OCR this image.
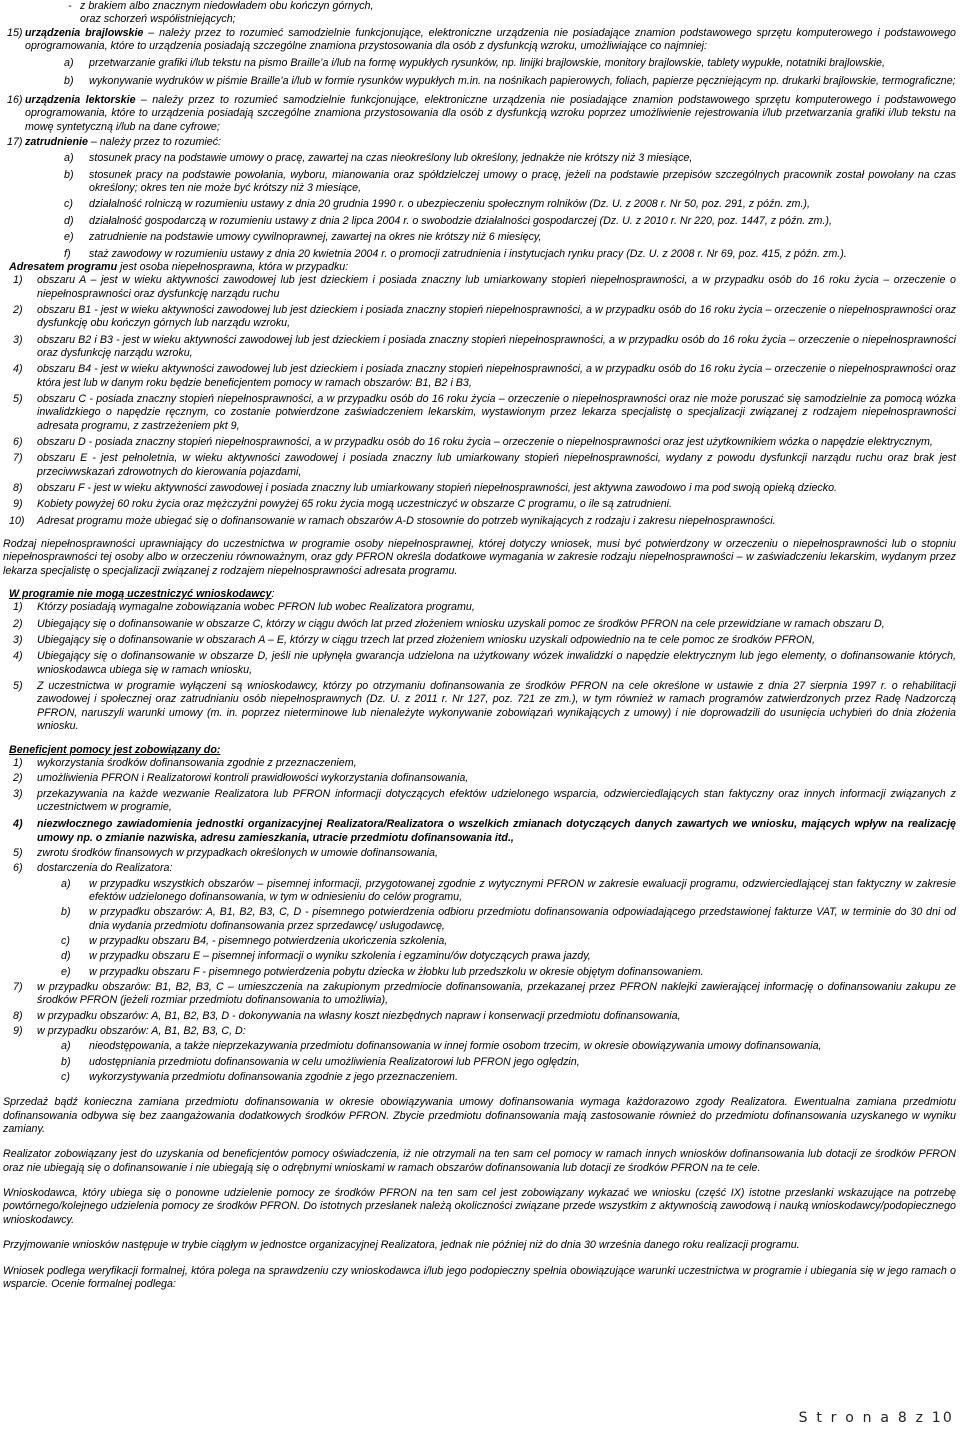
- z brakiem albo znacznym niedowładem obu kończyn górnych,
oraz schorzeń współistniejących;
15) urządzenia brajlowskie – należy przez to rozumieć samodzielnie funkcjonujące, elektroniczne urządzenia nie posiadające znamion podstawowego sprzętu komputerowego i podstawowego oprogramowania, które to urządzenia posiadają szczególne znamiona przystosowania dla osób z dysfunkcją wzroku, umożliwiające co najmniej:
a) przetwarzanie grafiki i/lub tekstu na pismo Braille’a i/lub na formę wypukłych rysunków, np. linijki brajlowskie, monitory brajlowskie, tablety wypukłe, notatniki brajlowskie,
b) wykonywanie wydruków w piśmie Braille’a i/lub w formie rysunków wypukłych m.in. na nośnikach papierowych, foliach, papierze pęczniejącym np. drukarki brajlowskie, termograficzne;
16) urządzenia lektorskie – należy przez to rozumieć samodzielnie funkcjonujące, elektroniczne urządzenia nie posiadające znamion podstawowego sprzętu komputerowego i podstawowego oprogramowania, które to urządzenia posiadają szczególne znamiona przystosowania dla osób z dysfunkcją wzroku poprzez umożliwienie rejestrowania i/lub przetwarzania grafiki i/lub tekstu na mowę syntetyczną i/lub na dane cyfrowe;
17) zatrudnienie – należy przez to rozumieć:
a) stosunek pracy na podstawie umowy o pracę, zawartej na czas nieokreślony lub określony, jednakże nie krótszy niż 3 miesiące,
b) stosunek pracy na podstawie powołania, wyboru, mianowania oraz spółdzielczej umowy o pracę, jeżeli na podstawie przepisów szczególnych pracownik został powołany na czas określony; okres ten nie może być krótszy niż 3 miesiące,
c) działalność rolniczą w rozumieniu ustawy z dnia 20 grudnia 1990 r. o ubezpieczeniu społecznym rolników (Dz. U. z 2008 r. Nr 50, poz. 291, z późn. zm.),
d) działalność gospodarczą w rozumieniu ustawy z dnia 2 lipca 2004 r. o swobodzie działalności gospodarczej (Dz. U. z 2010 r. Nr 220, poz. 1447, z późn. zm.),
e) zatrudnienie na podstawie umowy cywilnoprawnej, zawartej na okres nie krótszy niż 6 miesięcy,
f) staż zawodowy w rozumieniu ustawy z dnia 20 kwietnia 2004 r. o promocji zatrudnienia i instytucjach rynku pracy (Dz. U. z 2008 r. Nr 69, poz. 415, z późn. zm.).
Adresatem programu jest osoba niepełnosprawna, która w przypadku:
1) obszaru A – jest w wieku aktywności zawodowej lub jest dzieckiem i posiada znaczny lub umiarkowany stopień niepełnosprawności, a w przypadku osób do 16 roku życia – orzeczenie o niepełnosprawności oraz dysfunkcję narządu ruchu
2) obszaru B1 - jest w wieku aktywności zawodowej lub jest dzieckiem i posiada znaczny stopień niepełnosprawności, a w przypadku osób do 16 roku życia – orzeczenie o niepełnosprawności oraz dysfunkcję obu kończyn górnych lub narządu wzroku,
3) obszaru B2 i B3 - jest w wieku aktywności zawodowej lub jest dzieckiem i posiada znaczny stopień niepełnosprawności, a w przypadku osób do 16 roku życia – orzeczenie o niepełnosprawności oraz dysfunkcję narządu wzroku,
4) obszaru B4 - jest w wieku aktywności zawodowej lub jest dzieckiem i posiada znaczny stopień niepełnosprawności, a w przypadku osób do 16 roku życia – orzeczenie o niepełnosprawności oraz która jest lub w danym roku będzie beneficjentem pomocy w ramach obszarów: B1, B2 i B3,
5) obszaru C - posiada znaczny stopień niepełnosprawności, a w przypadku osób do 16 roku życia – orzeczenie o niepełnosprawności oraz nie może poruszać się samodzielnie za pomocą wózka inwalidzkiego o napędzie ręcznym, co zostanie potwierdzone zaświadczeniem lekarskim, wystawionym przez lekarza specjalistę o specjalizacji związanej z rodzajem niepełnosprawności adresata programu, z zastrzeżeniem pkt 9,
6) obszaru D - posiada znaczny stopień niepełnosprawności, a w przypadku osób do 16 roku życia – orzeczenie o niepełnosprawności oraz jest użytkownikiem wózka o napędzie elektrycznym,
7) obszaru E - jest pełnoletnia, w wieku aktywności zawodowej i posiada znaczny lub umiarkowany stopień niepełnosprawności, wydany z powodu dysfunkcji narządu ruchu oraz brak jest przeciwwskazań zdrowotnych do kierowania pojazdami,
8) obszaru F - jest w wieku aktywności zawodowej i posiada znaczny lub umiarkowany stopień niepełnosprawności, jest aktywna zawodowo i ma pod swoją opieką dziecko.
9) Kobiety powyżej 60 roku życia oraz mężczyźni powyżej 65 roku życia mogą uczestniczyć w obszarze C programu, o ile są zatrudnieni.
10) Adresat programu może ubiegać się o dofinansowanie w ramach obszarów A-D stosownie do potrzeb wynikających z rodzaju i zakresu niepełnosprawności.
Rodzaj niepełnosprawności uprawniający do uczestnictwa w programie osoby niepełnosprawnej, której dotyczy wniosek, musi być potwierdzony w orzeczeniu o niepełnosprawności lub o stopniu niepełnosprawności tej osoby albo w orzeczeniu równoważnym, oraz gdy PFRON określa dodatkowe wymagania w zakresie rodzaju niepełnosprawności – w zaświadczeniu lekarskim, wydanym przez lekarza specjalistę o specjalizacji związanej z rodzajem niepełnosprawności adresata programu.
W programie nie mogą uczestniczyć wnioskodawcy:
1) Którzy posiadają wymagalne zobowiązania wobec PFRON lub wobec Realizatora programu,
2) Ubiegający się o dofinansowanie w obszarze C, którzy w ciągu dwóch lat przed złożeniem wniosku uzyskali pomoc ze środków PFRON na cele przewidziane w ramach obszaru D,
3) Ubiegający się o dofinansowanie w obszarach A – E, którzy w ciągu trzech lat przed złożeniem wniosku uzyskali odpowiednio na te cele pomoc ze środków PFRON,
4) Ubiegający się o dofinansowanie w obszarze D, jeśli nie upłynęła gwarancja udzielona na użytkowany wózek inwalidzki o napędzie elektrycznym lub jego elementy, o dofinansowanie których, wnioskodawca ubiega się w ramach wniosku,
5) Z uczestnictwa w programie wyłączeni są wnioskodawcy, którzy po otrzymaniu dofinansowania ze środków PFRON na cele określone w ustawie z dnia 27 sierpnia 1997 r. o rehabilitacji zawodowej i społecznej oraz zatrudnianiu osób niepełnosprawnych (Dz. U. z 2011 r. Nr 127, poz. 721 ze zm.), w tym również w ramach programów zatwierdzonych przez Radę Nadzorczą PFRON, naruszyli warunki umowy (m. in. poprzez nieterminowe lub nienależyte wykonywanie zobowiązań wynikających z umowy) i nie doprowadzili do usunięcia uchybień do dnia złożenia wniosku.
Beneficjent pomocy jest zobowiązany do:
1) wykorzystania środków dofinansowania zgodnie z przeznaczeniem,
2) umożliwienia PFRON i Realizatorowi kontroli prawidłowości wykorzystania dofinansowania,
3) przekazywania na każde wezwanie Realizatora lub PFRON informacji dotyczących efektów udzielonego wsparcia, odzwierciedlających stan faktyczny oraz innych informacji związanych z uczestnictwem w programie,
4) niezwłocznego zawiadomienia jednostki organizacyjnej Realizatora/Realizatora o wszelkich zmianach dotyczących danych zawartych we wniosku, mających wpływ na realizację umowy np. o zmianie nazwiska, adresu zamieszkania, utracie przedmiotu dofinansowania itd.,
5) zwrotu środków finansowych w przypadkach określonych w umowie dofinansowania,
6) dostarczenia do Realizatora:
a) w przypadku wszystkich obszarów – pisemnej informacji, przygotowanej zgodnie z wytycznymi PFRON w zakresie ewaluacji programu, odzwierciedlającej stan faktyczny w zakresie efektów udzielonego dofinansowania, w tym w odniesieniu do celów programu,
b) w przypadku obszarów: A, B1, B2, B3, C, D - pisemnego potwierdzenia odbioru przedmiotu dofinansowania odpowiadającego przedstawionej fakturze VAT, w terminie do 30 dni od dnia wydania przedmiotu dofinansowania przez sprzedawcę/ usługodawcę,
c) w przypadku obszaru B4, - pisemnego potwierdzenia ukończenia szkolenia,
d) w przypadku obszaru E – pisemnej informacji o wyniku szkolenia i egzaminu/ów dotyczących prawa jazdy,
e) w przypadku obszaru F - pisemnego potwierdzenia pobytu dziecka w żłobku lub przedszkolu w okresie objętym dofinansowaniem.
7) w przypadku obszarów: B1, B2, B3, C – umieszczenia na zakupionym przedmiocie dofinansowania, przekazanej przez PFRON naklejki zawierającej informację o dofinansowaniu zakupu ze środków PFRON (jeżeli rozmiar przedmiotu dofinansowania to umożliwia),
8) w przypadku obszarów: A, B1, B2, B3, D - dokonywania na własny koszt niezbędnych napraw i konserwacji przedmiotu dofinansowania,
9) w przypadku obszarów: A, B1, B2, B3, C, D:
a) nieodstępowania, a także nieprzekazywania przedmiotu dofinansowania w innej formie osobom trzecim, w okresie obowiązywania umowy dofinansowania,
b) udostępniania przedmiotu dofinansowania w celu umożliwienia Realizatorowi lub PFRON jego oględzin,
c) wykorzystywania przedmiotu dofinansowania zgodnie z jego przeznaczeniem.
Sprzedaż bądź konieczna zamiana przedmiotu dofinansowania w okresie obowiązywania umowy dofinansowania wymaga każdorazowo zgody Realizatora. Ewentualna zamiana przedmiotu dofinansowania odbywa się bez zaangażowania dodatkowych środków PFRON. Zbycie przedmiotu dofinansowania mają zastosowanie również do przedmiotu dofinansowania uzyskanego w wyniku zamiany.
Realizator zobowiązany jest do uzyskania od beneficjentów pomocy oświadczenia, iż nie otrzymali na ten sam cel pomocy w ramach innych wniosków dofinansowania lub dotacji ze środków PFRON oraz nie ubiegają się o dofinansowanie i nie ubiegają się o odrębnymi wnioskami w ramach obszarów dofinansowania lub dotacji ze środków PFRON na te cele.
Wnioskodawca, który ubiega się o ponowne udzielenie pomocy ze środków PFRON na ten sam cel jest zobowiązany wykazać we wniosku (część IX) istotne przesłanki wskazujące na potrzebę powtórnego/kolejnego udzielenia pomocy ze środków PFRON. Do istotnych przesłanek należą okoliczności związane przede wszystkim z aktywnością zawodową i nauką wnioskodawcy/podopiecznego wnioskodawcy.
Przyjmowanie wniosków następuje w trybie ciągłym w jednostce organizacyjnej Realizatora, jednak nie później niż do dnia 30 września danego roku realizacji programu.
Wniosek podlega weryfikacji formalnej, która polega na sprawdzeniu czy wnioskodawca i/lub jego podopieczny spełnia obowiązujące warunki uczestnictwa w programie i ubiegania się w jego ramach o wsparcie. Ocenie formalnej podlega:
S t r o n a 8 z 10
